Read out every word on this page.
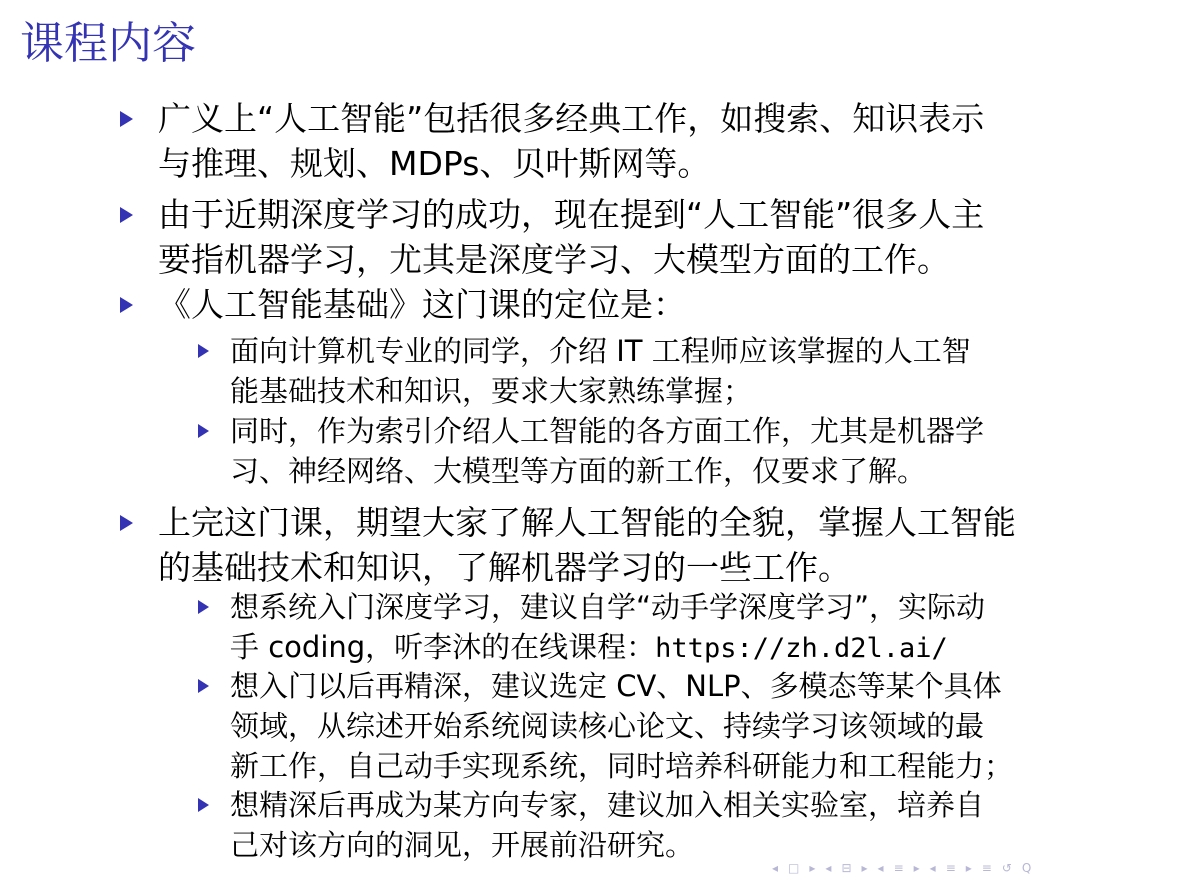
课程内容
广义上“人工智能”包括很多经典工作，如搜索、知识表示
与推理、规划、MDPs、贝叶斯网等。
由于近期深度学习的成功，现在提到“人工智能”很多人主
要指机器学习，尤其是深度学习、大模型方面的工作。
《人工智能基础》这门课的定位是：
面向计算机专业的同学，介绍 IT 工程师应该掌握的人工智
能基础技术和知识，要求大家熟练掌握；
同时，作为索引介绍人工智能的各方面工作，尤其是机器学
习、神经网络、大模型等方面的新工作，仅要求了解。
上完这门课，期望大家了解人工智能的全貌，掌握人工智能
的基础技术和知识，了解机器学习的一些工作。
想系统入门深度学习，建议自学“动手学深度学习”，实际动
手 coding，听李沐的在线课程：https://zh.d2l.ai/
想入门以后再精深，建议选定 CV、NLP、多模态等某个具体
领域，从综述开始系统阅读核心论文、持续学习该领域的最
新工作，自己动手实现系统，同时培养科研能力和工程能力；
想精深后再成为某方向专家，建议加入相关实验室，培养自
己对该方向的洞见，开展前沿研究。
◂ □ ▸ ◂ ⊟ ▸ ◂ ≡ ▸ ◂ ≡ ▸ ≡ ↺ Q
